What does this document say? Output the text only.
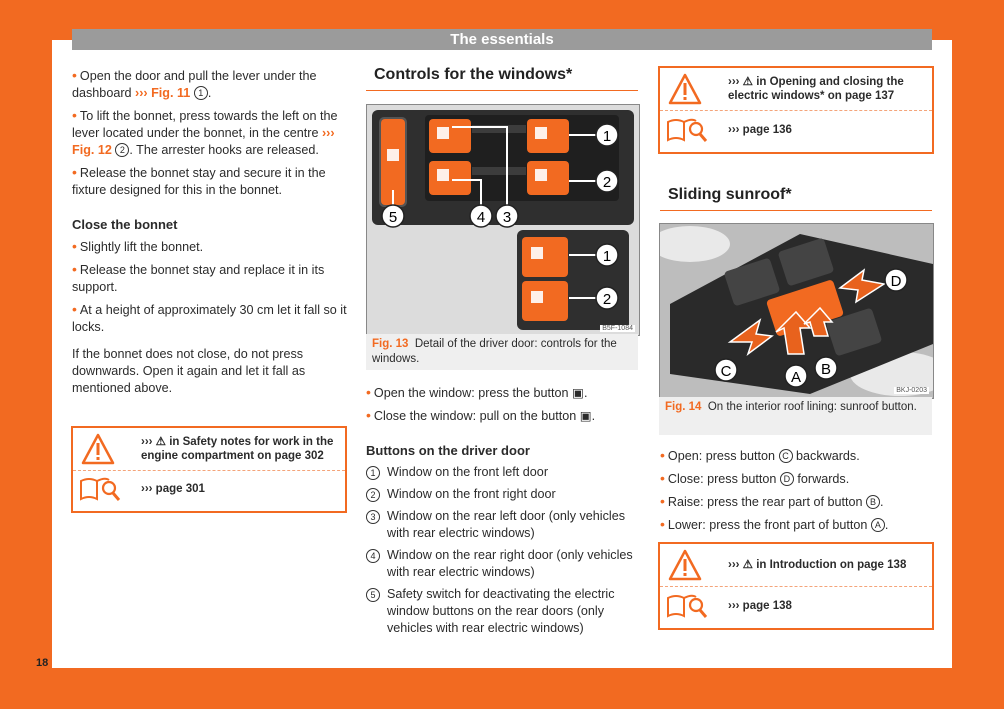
The essentials
• Open the door and pull the lever under the dashboard ››› Fig. 11 1 .
• To lift the bonnet, press towards the left on the lever located under the bonnet, in the centre ››› Fig. 12 2 . The arrester hooks are released.
• Release the bonnet stay and secure it in the fixture designed for this in the bonnet.
Close the bonnet
• Slightly lift the bonnet.
• Release the bonnet stay and replace it in its support.
• At a height of approximately 30 cm let it fall so it locks.

If the bonnet does not close, do not press downwards. Open it again and let it fall as mentioned above.

››› ⚠ in Safety notes for work in the
engine compartment on page 302
››› page 301
Controls for the windows*
1
2
3
4
5
1
2
B5F-1084
Fig. 13 Detail of the driver door: controls for the windows.
• Open the window: press the button ▣.
• Close the window: pull on the button ▣.
Buttons on the driver door
1 Window on the front left door
2 Window on the front right door
3 Window on the rear left door (only vehicles with rear electric windows)
4 Window on the rear right door (only vehicles with rear electric windows)
5 Safety switch for deactivating the electric window buttons on the rear doors (only vehicles with rear electric windows)
››› ⚠ in Opening and closing the
electric windows* on page 137
››› page 136
Sliding sunroof*
D
C	A B
BKJ-0203
Fig. 14 On the interior roof lining: sunroof button.
• Open: press button C backwards.
• Close: press button D forwards.
• Raise: press the rear part of button B .
• Lower: press the front part of button A .
››› ⚠ in Introduction on page 138
››› page 138
18
